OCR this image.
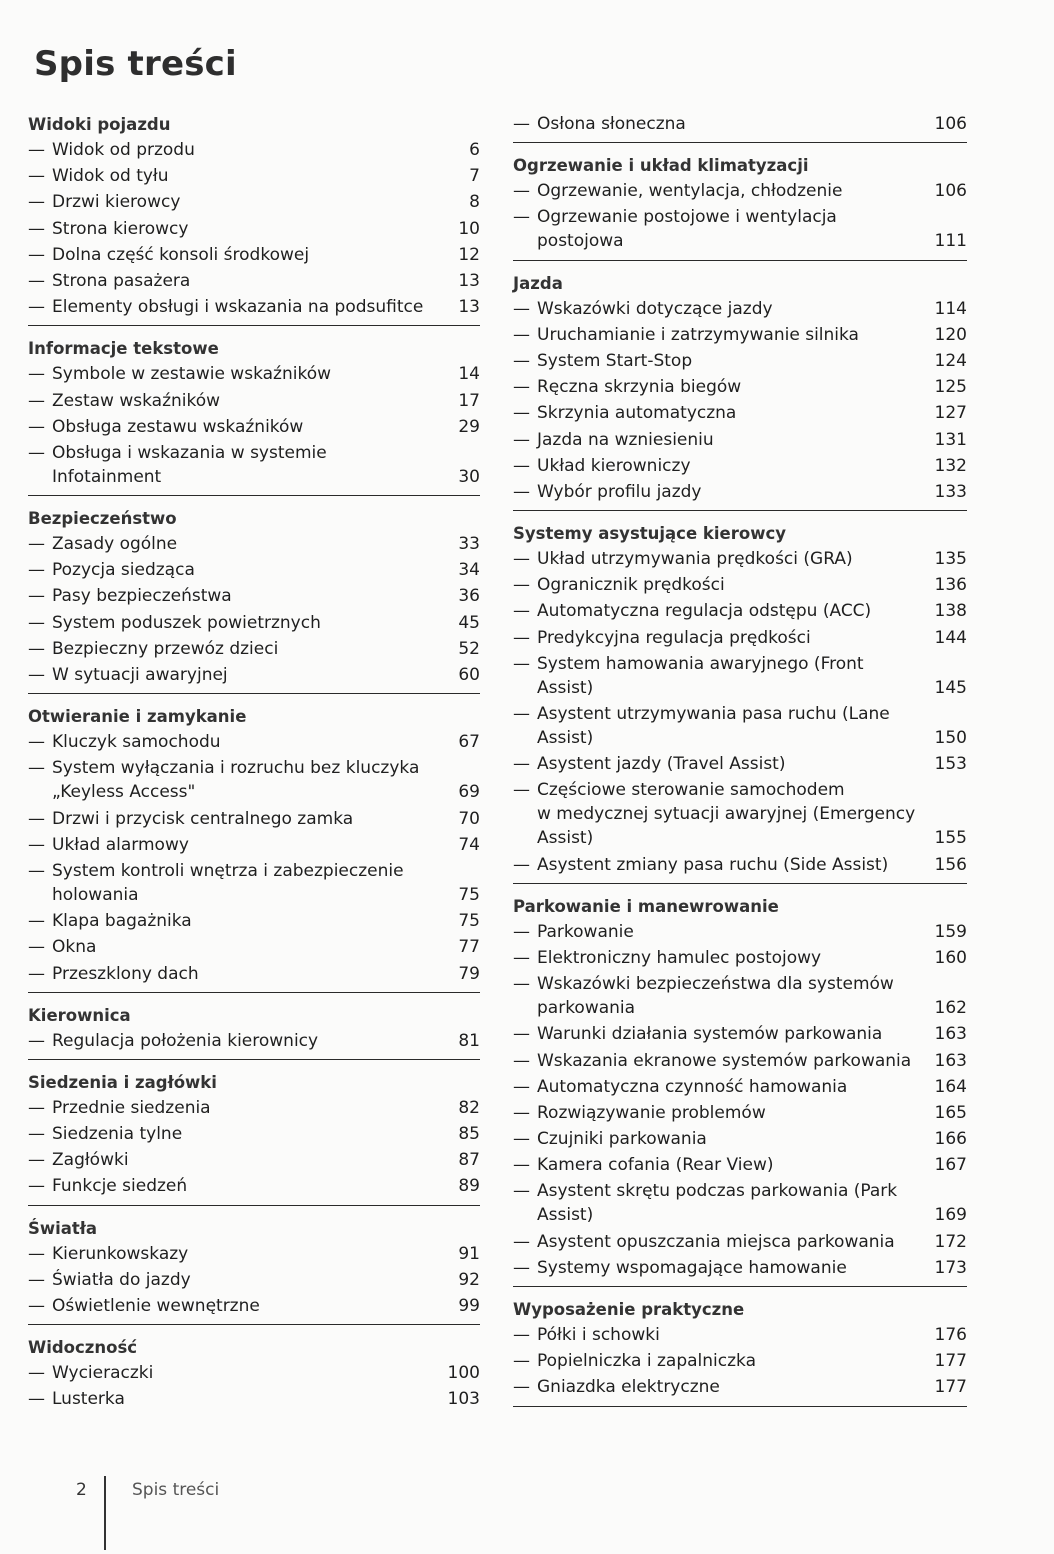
Spis treści
Widoki pojazdu
— Widok od przodu	6
— Widok od tyłu	7
— Drzwi kierowcy	8
— Strona kierowcy	10
— Dolna część konsoli środkowej	12
— Strona pasażera	13
— Elementy obsługi i wskazania na podsufitce	13
Informacje tekstowe
— Symbole w zestawie wskaźników	14
— Zestaw wskaźników	17
— Obsługa zestawu wskaźników	29
— Obsługa i wskazania w systemie
Infotainment	30
Bezpieczeństwo
— Zasady ogólne	33
— Pozycja siedząca	34
— Pasy bezpieczeństwa	36
— System poduszek powietrznych	45
— Bezpieczny przewóz dzieci	52
— W sytuacji awaryjnej	60
Otwieranie i zamykanie
— Kluczyk samochodu	67
— System wyłączania i rozruchu bez kluczyka
„Keyless Access"	69
— Drzwi i przycisk centralnego zamka	70
— Układ alarmowy	74
— System kontroli wnętrza i zabezpieczenie
holowania	75
— Klapa bagażnika	75
— Okna	77
— Przeszklony dach	79
Kierownica
— Regulacja położenia kierownicy	81
Siedzenia i zagłówki
— Przednie siedzenia	82
— Siedzenia tylne	85
— Zagłówki	87
— Funkcje siedzeń	89
Światła
— Kierunkowskazy	91
— Światła do jazdy	92
— Oświetlenie wewnętrzne	99
Widoczność
— Wycieraczki	100
— Lusterka	103
— Osłona słoneczna	106
Ogrzewanie i układ klimatyzacji
— Ogrzewanie, wentylacja, chłodzenie	106
— Ogrzewanie postojowe i wentylacja
postojowa	111
Jazda
— Wskazówki dotyczące jazdy	114
— Uruchamianie i zatrzymywanie silnika	120
— System Start-Stop	124
— Ręczna skrzynia biegów	125
— Skrzynia automatyczna	127
— Jazda na wzniesieniu	131
— Układ kierowniczy	132
— Wybór profilu jazdy	133
Systemy asystujące kierowcy
— Układ utrzymywania prędkości (GRA)	135
— Ogranicznik prędkości	136
— Automatyczna regulacja odstępu (ACC)	138
— Predykcyjna regulacja prędkości	144
— System hamowania awaryjnego (Front
Assist)	145
— Asystent utrzymywania pasa ruchu (Lane
Assist)	150
— Asystent jazdy (Travel Assist)	153
— Częściowe sterowanie samochodem
w medycznej sytuacji awaryjnej (Emergency
Assist)	155
— Asystent zmiany pasa ruchu (Side Assist)	156
Parkowanie i manewrowanie
— Parkowanie	159
— Elektroniczny hamulec postojowy	160
— Wskazówki bezpieczeństwa dla systemów
parkowania	162
— Warunki działania systemów parkowania	163
— Wskazania ekranowe systemów parkowania	163
— Automatyczna czynność hamowania	164
— Rozwiązywanie problemów	165
— Czujniki parkowania	166
— Kamera cofania (Rear View)	167
— Asystent skrętu podczas parkowania (Park
Assist)	169
— Asystent opuszczania miejsca parkowania	172
— Systemy wspomagające hamowanie	173
Wyposażenie praktyczne
— Półki i schowki	176
— Popielniczka i zapalniczka	177
— Gniazdka elektryczne	177
2	Spis treści
